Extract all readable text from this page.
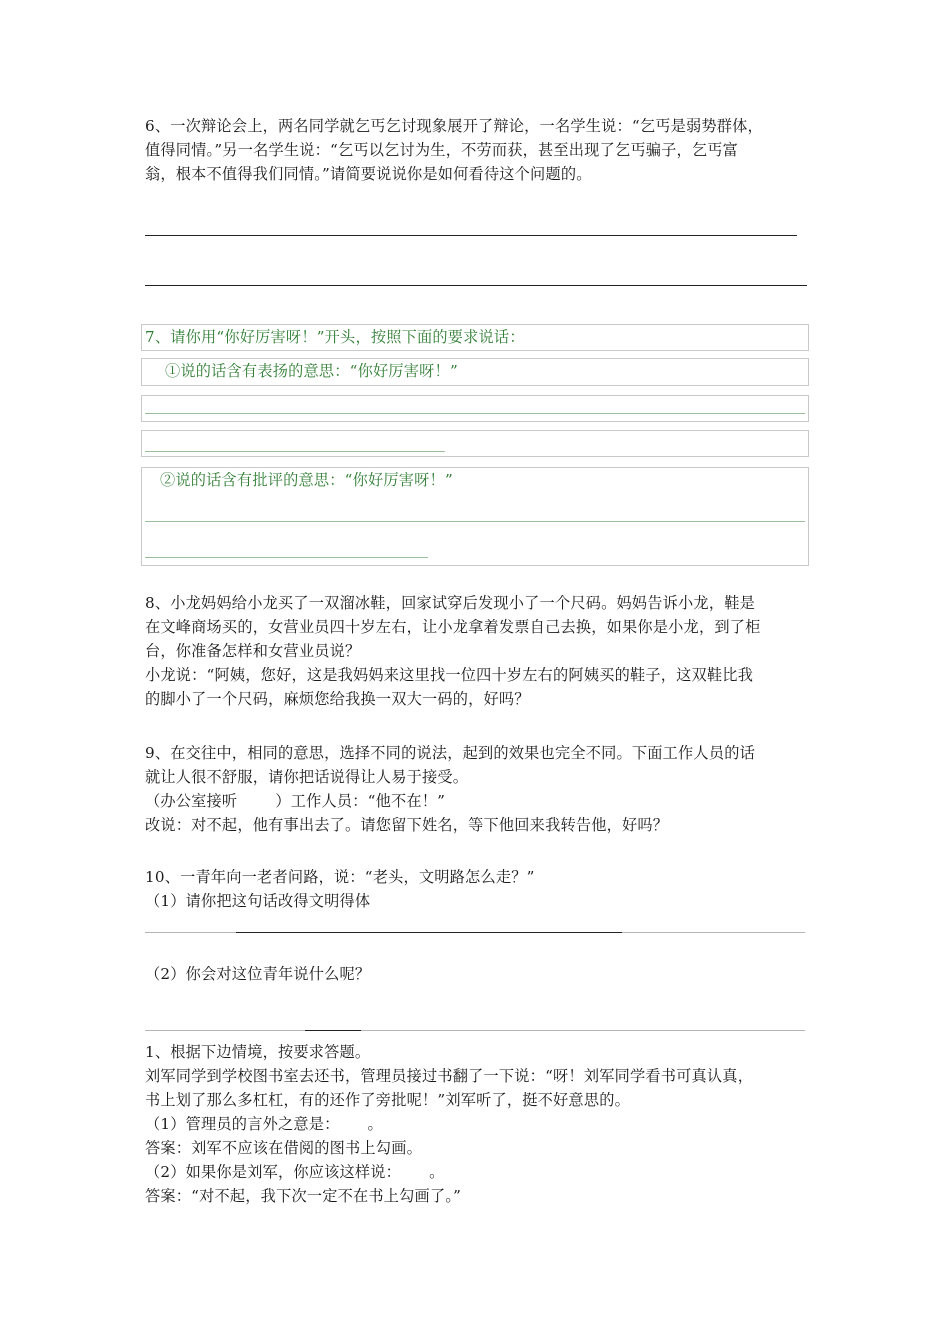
6、一次辩论会上，两名同学就乞丐乞讨现象展开了辩论，一名学生说：“乞丐是弱势群体，
值得同情。”另一名学生说：“乞丐以乞讨为生，不劳而获，甚至出现了乞丐骗子，乞丐富
翁，根本不值得我们同情。”请简要说说你是如何看待这个问题的。
7、请你用“你好厉害呀！”开头，按照下面的要求说话：
①说的话含有表扬的意思：“你好厉害呀！”
②说的话含有批评的意思：“你好厉害呀！”
8、小龙妈妈给小龙买了一双溜冰鞋，回家试穿后发现小了一个尺码。妈妈告诉小龙，鞋是
在文峰商场买的，女营业员四十岁左右，让小龙拿着发票自己去换，如果你是小龙，到了柜
台，你准备怎样和女营业员说？
小龙说：“阿姨，您好，这是我妈妈来这里找一位四十岁左右的阿姨买的鞋子，这双鞋比我
的脚小了一个尺码，麻烦您给我换一双大一码的，好吗？
9、在交往中，相同的意思，选择不同的说法，起到的效果也完全不同。下面工作人员的话
就让人很不舒服，请你把话说得让人易于接受。
（办公室接听	）工作人员：“他不在！”
改说：对不起，他有事出去了。请您留下姓名，等下他回来我转告他，好吗？
10、一青年向一老者问路，说：“老头，文明路怎么走？”
（1）请你把这句话改得文明得体
（2）你会对这位青年说什么呢？
1、根据下边情境，按要求答题。
刘军同学到学校图书室去还书，管理员接过书翻了一下说：“呀！刘军同学看书可真认真，
书上划了那么多杠杠，有的还作了旁批呢！”刘军听了，挺不好意思的。
（1）管理员的言外之意是： 。
答案：刘军不应该在借阅的图书上勾画。
（2）如果你是刘军，你应该这样说： 。
答案：“对不起，我下次一定不在书上勾画了。”
